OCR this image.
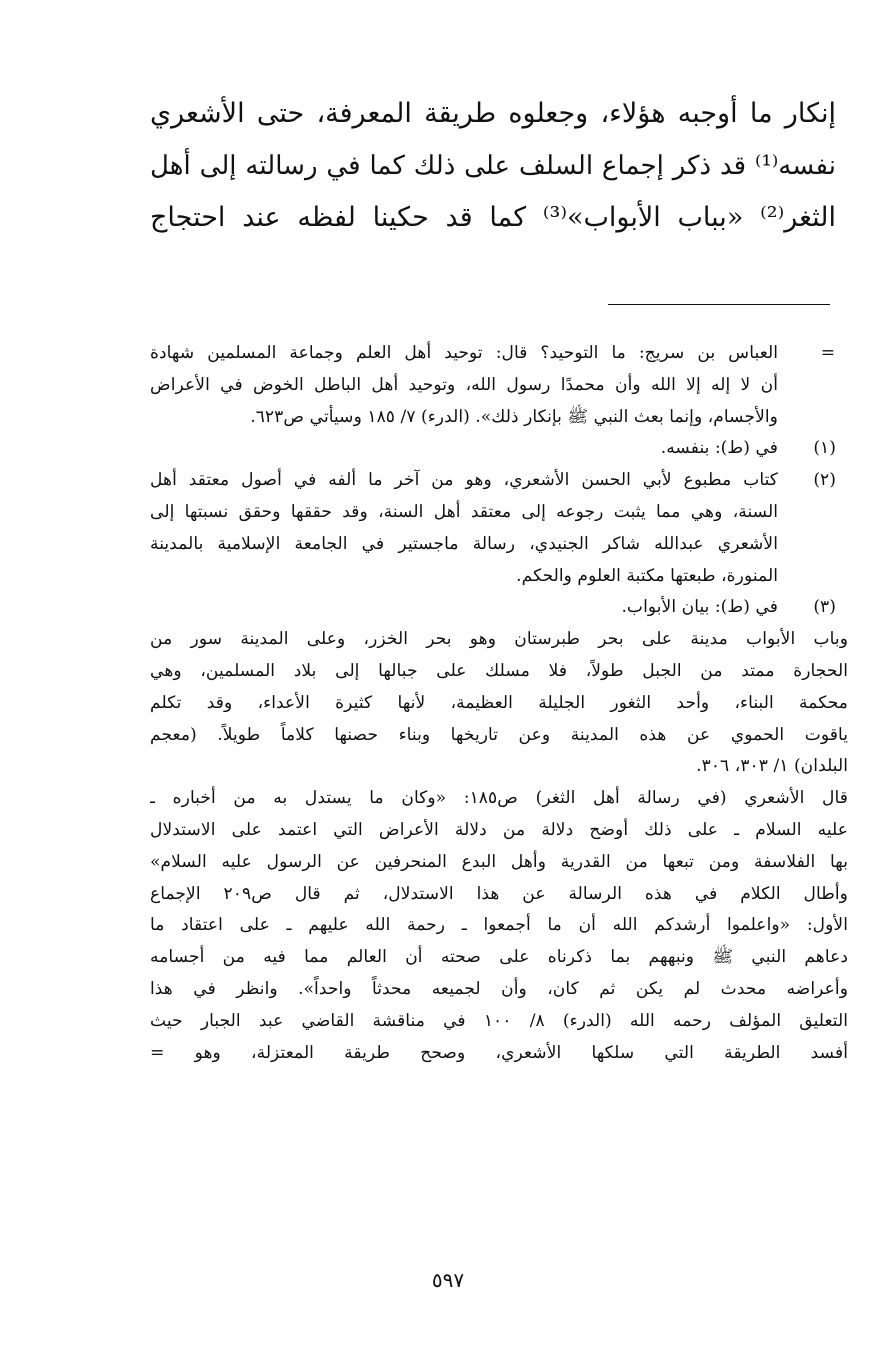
إنكار ما أوجبه هؤلاء، وجعلوه طريقة المعرفة، حتى الأشعري
نفسه⁽¹⁾ قد ذكر إجماع السلف على ذلك كما في رسالته إلى أهل
الثغر⁽²⁾ «بباب الأبواب»⁽³⁾ كما قد حكينا لفظه عند احتجاج
=
العباس بن سريج: ما التوحيد؟ قال: توحيد أهل العلم وجماعة المسلمين شهادة
أن لا إله إلا الله وأن محمدًا رسول الله، وتوحيد أهل الباطل الخوض في الأعراض
والأجسام، وإنما بعث النبي ﷺ بإنكار ذلك». (الدرء) ٧/ ١٨٥ وسيأتي ص٦٢٣.
(١)
في (ط): بنفسه.
(٢)
كتاب مطبوع لأبي الحسن الأشعري، وهو من آخر ما ألفه في أصول معتقد أهل
السنة، وهي مما يثبت رجوعه إلى معتقد أهل السنة، وقد حققها وحقق نسبتها إلى
الأشعري عبدالله شاكر الجنيدي، رسالة ماجستير في الجامعة الإسلامية بالمدينة
المنورة، طبعتها مكتبة العلوم والحكم.
(٣)
في (ط): بيان الأبواب.
وباب الأبواب مدينة على بحر طبرستان وهو بحر الخزر، وعلى المدينة سور من
الحجارة ممتد من الجبل طولاً، فلا مسلك على جبالها إلى بلاد المسلمين، وهي
محكمة البناء، وأحد الثغور الجليلة العظيمة، لأنها كثيرة الأعداء، وقد تكلم
ياقوت الحموي عن هذه المدينة وعن تاريخها وبناء حصنها كلاماً طويلاً. (معجم
البلدان) ١/ ٣٠٣، ٣٠٦.
قال الأشعري (في رسالة أهل الثغر) ص١٨٥: «وكان ما يستدل به من أخباره ـ
عليه السلام ـ على ذلك أوضح دلالة من دلالة الأعراض التي اعتمد على الاستدلال
بها الفلاسفة ومن تبعها من القدرية وأهل البدع المنحرفين عن الرسول عليه السلام»
وأطال الكلام في هذه الرسالة عن هذا الاستدلال، ثم قال ص٢٠٩ الإجماع
الأول: «واعلموا أرشدكم الله أن ما أجمعوا ـ رحمة الله عليهم ـ على اعتقاد ما
دعاهم النبي ﷺ ونبههم بما ذكرناه على صحته أن العالم مما فيه من أجسامه
وأعراضه محدث لم يكن ثم كان، وأن لجميعه محدثاً واحداً». وانظر في هذا
التعليق المؤلف رحمه الله (الدرء) ٨/ ١٠٠ في مناقشة القاضي عبد الجبار حيث
أفسد الطريقة التي سلكها الأشعري، وصحح طريقة المعتزلة، وهو =
٥٩٧
